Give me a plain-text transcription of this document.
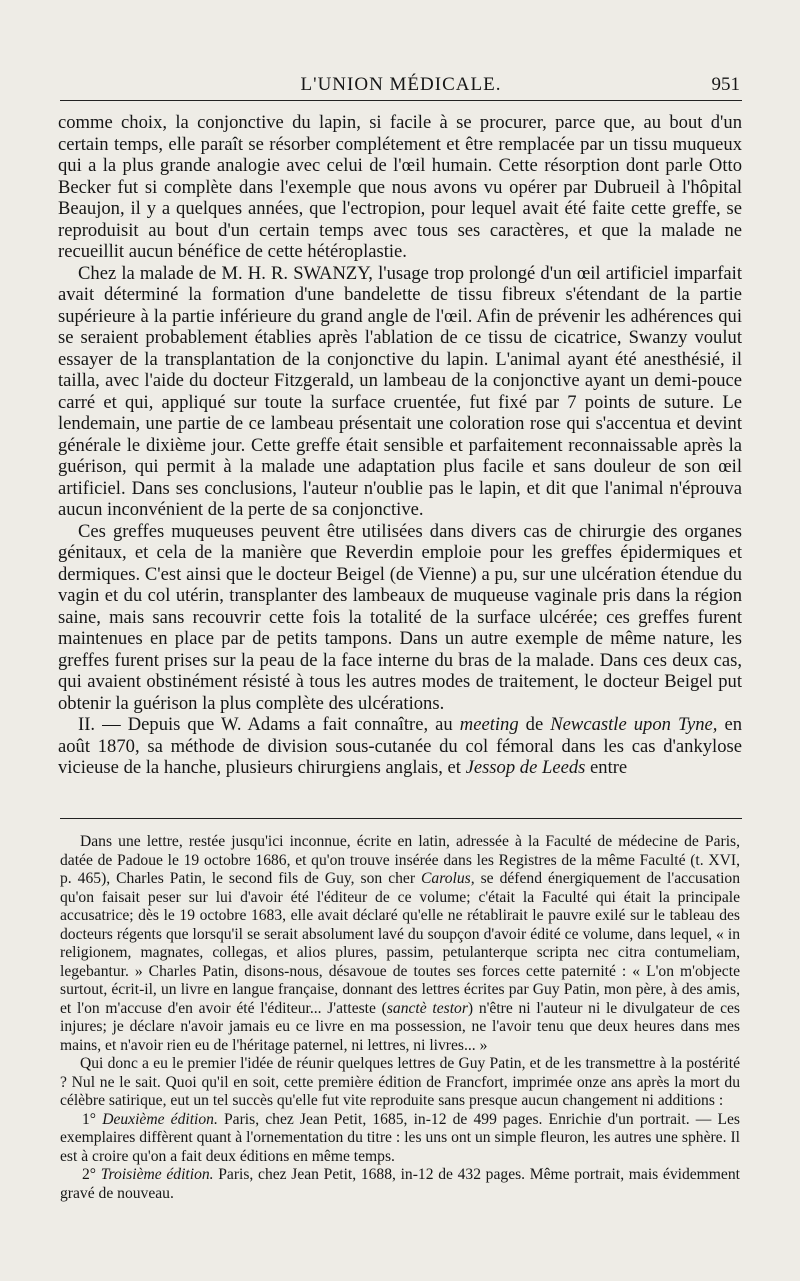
L'UNION MÉDICALE.	951

comme choix, la conjonctive du lapin, si facile à se procurer, parce que, au bout d'un certain temps, elle paraît se résorber complétement et être remplacée par un tissu muqueux qui a la plus grande analogie avec celui de l'œil humain. Cette résorption dont parle Otto Becker fut si complète dans l'exemple que nous avons vu opérer par Dubrueil à l'hôpital Beaujon, il y a quelques années, que l'ectropion, pour lequel avait été faite cette greffe, se reproduisit au bout d'un certain temps avec tous ses caractères, et que la malade ne recueillit aucun bénéfice de cette hétéroplastie.

Chez la malade de M. H. R. SWANZY, l'usage trop prolongé d'un œil artificiel imparfait avait déterminé la formation d'une bandelette de tissu fibreux s'étendant de la partie supérieure à la partie inférieure du grand angle de l'œil. Afin de prévenir les adhérences qui se seraient probablement établies après l'ablation de ce tissu de cicatrice, Swanzy voulut essayer de la transplantation de la conjonctive du lapin. L'animal ayant été anesthésié, il tailla, avec l'aide du docteur Fitzgerald, un lambeau de la conjonctive ayant un demi-pouce carré et qui, appliqué sur toute la surface cruentée, fut fixé par 7 points de suture. Le lendemain, une partie de ce lambeau présentait une coloration rose qui s'accentua et devint générale le dixième jour. Cette greffe était sensible et parfaitement reconnaissable après la guérison, qui permit à la malade une adaptation plus facile et sans douleur de son œil artificiel. Dans ses conclusions, l'auteur n'oublie pas le lapin, et dit que l'animal n'éprouva aucun inconvénient de la perte de sa conjonctive.

Ces greffes muqueuses peuvent être utilisées dans divers cas de chirurgie des organes génitaux, et cela de la manière que Reverdin emploie pour les greffes épidermiques et dermiques. C'est ainsi que le docteur Beigel (de Vienne) a pu, sur une ulcération étendue du vagin et du col utérin, transplanter des lambeaux de muqueuse vaginale pris dans la région saine, mais sans recouvrir cette fois la totalité de la surface ulcérée; ces greffes furent maintenues en place par de petits tampons. Dans un autre exemple de même nature, les greffes furent prises sur la peau de la face interne du bras de la malade. Dans ces deux cas, qui avaient obstinément résisté à tous les autres modes de traitement, le docteur Beigel put obtenir la guérison la plus complète des ulcérations.

II. — Depuis que W. Adams a fait connaître, au meeting de Newcastle upon Tyne, en août 1870, sa méthode de division sous-cutanée du col fémoral dans les cas d'ankylose vicieuse de la hanche, plusieurs chirurgiens anglais, et Jessop de Leeds entre

Dans une lettre, restée jusqu'ici inconnue, écrite en latin, adressée à la Faculté de médecine de Paris, datée de Padoue le 19 octobre 1686, et qu'on trouve insérée dans les Registres de la même Faculté (t. XVI, p. 465), Charles Patin, le second fils de Guy, son cher Carolus, se défend énergiquement de l'accusation qu'on faisait peser sur lui d'avoir été l'éditeur de ce volume; c'était la Faculté qui était la principale accusatrice; dès le 19 octobre 1683, elle avait déclaré qu'elle ne rétablirait le pauvre exilé sur le tableau des docteurs régents que lorsqu'il se serait absolument lavé du soupçon d'avoir édité ce volume, dans lequel, « in religionem, magnates, collegas, et alios plures, passim, petulanterque scripta nec citra contumeliam, legebantur. » Charles Patin, disons-nous, désavoue de toutes ses forces cette paternité : « L'on m'objecte surtout, écrit-il, un livre en langue française, donnant des lettres écrites par Guy Patin, mon père, à des amis, et l'on m'accuse d'en avoir été l'éditeur... J'atteste (sanctè testor) n'être ni l'auteur ni le divulgateur de ces injures; je déclare n'avoir jamais eu ce livre en ma possession, ne l'avoir tenu que deux heures dans mes mains, et n'avoir rien eu de l'héritage paternel, ni lettres, ni livres... »

Qui donc a eu le premier l'idée de réunir quelques lettres de Guy Patin, et de les transmettre à la postérité ? Nul ne le sait. Quoi qu'il en soit, cette première édition de Francfort, imprimée onze ans après la mort du célèbre satirique, eut un tel succès qu'elle fut vite reproduite sans presque aucun changement ni additions :

1° Deuxième édition. Paris, chez Jean Petit, 1685, in-12 de 499 pages. Enrichie d'un portrait. — Les exemplaires diffèrent quant à l'ornementation du titre : les uns ont un simple fleuron, les autres une sphère. Il est à croire qu'on a fait deux éditions en même temps.

2° Troisième édition. Paris, chez Jean Petit, 1688, in-12 de 432 pages. Même portrait, mais évidemment gravé de nouveau.
